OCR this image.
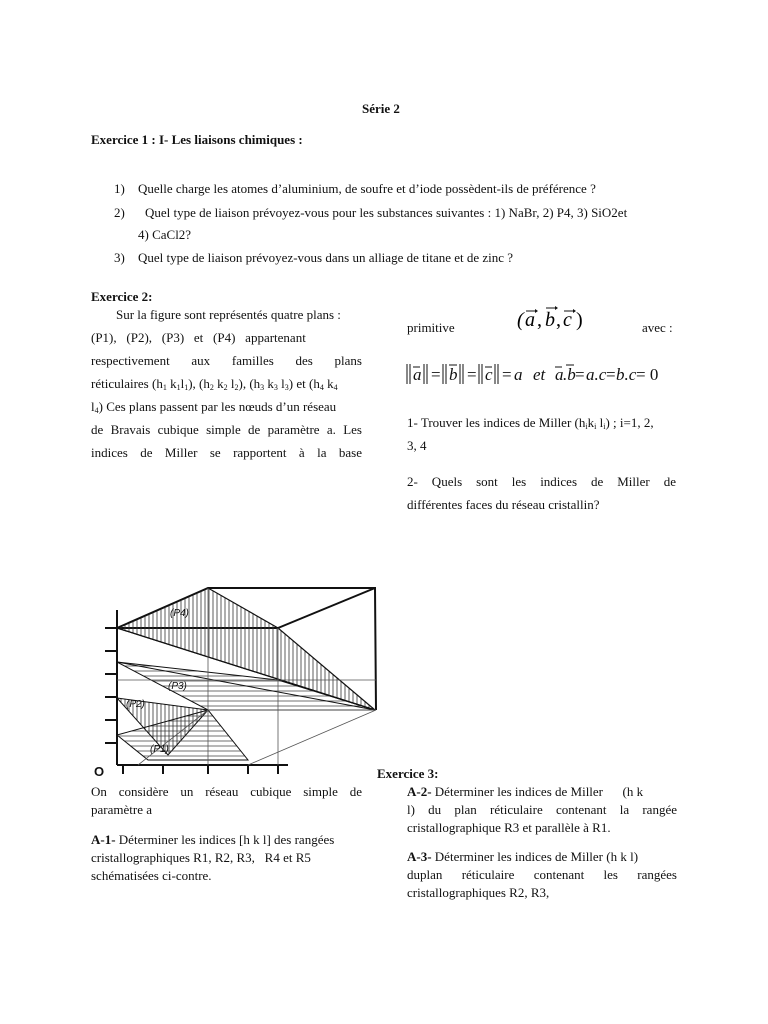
Série 2
Exercice 1 : I- Les liaisons chimiques :
1) Quelle charge les atomes d’aluminium, de soufre et d’iode possèdent-ils de préférence ?
2) Quel type de liaison prévoyez-vous pour les substances suivantes : 1) NaBr, 2) P4, 3) SiO2et
4) CaCl2?
3) Quel type de liaison prévoyez-vous dans un alliage de titane et de zinc ?
Exercice 2:
Sur la figure sont représentés quatre plans :
(P1),   (P2),   (P3)   et   (P4)   appartenant
respectivement aux familles des plans
réticulaires ($h_1$ $k_1l_1$), ($h_2$ $k_2$ $l_2$), ($h_3$ $k_3$ $l_3$) et ($h_4$ $k_4$
$l_4$) Ces plans passent par les nœuds d’un réseau
de Bravais cubique simple de paramètre a. Les
indices de Miller se rapportent à la base
primitive	( a , b , c )	avec :
a = b = c = a et a .b = a.c = b.c = 0
1- Trouver les indices de Miller ($h_ik_i$ $l_i$) ; i=1, 2,
3, 4
2- Quels sont les indices de Miller de
différentes faces du réseau cristallin?
(P4)
(P3)
(P2)
(P1)
O
On considère un réseau cubique simple de
paramètre a
A-1- Déterminer les indices [h k l] des rangées
cristallographiques R1, R2, R3,   R4 et R5
schématisées ci-contre.
Exercice 3:
A-2- Déterminer les indices de Miller      (h k
l) du plan réticulaire contenant la rangée
cristallographique R3 et parallèle à R1.
A-3- Déterminer les indices de Miller (h k l)
duplan  réticulaire  contenant  les  rangées
cristallographiques R2, R3,
